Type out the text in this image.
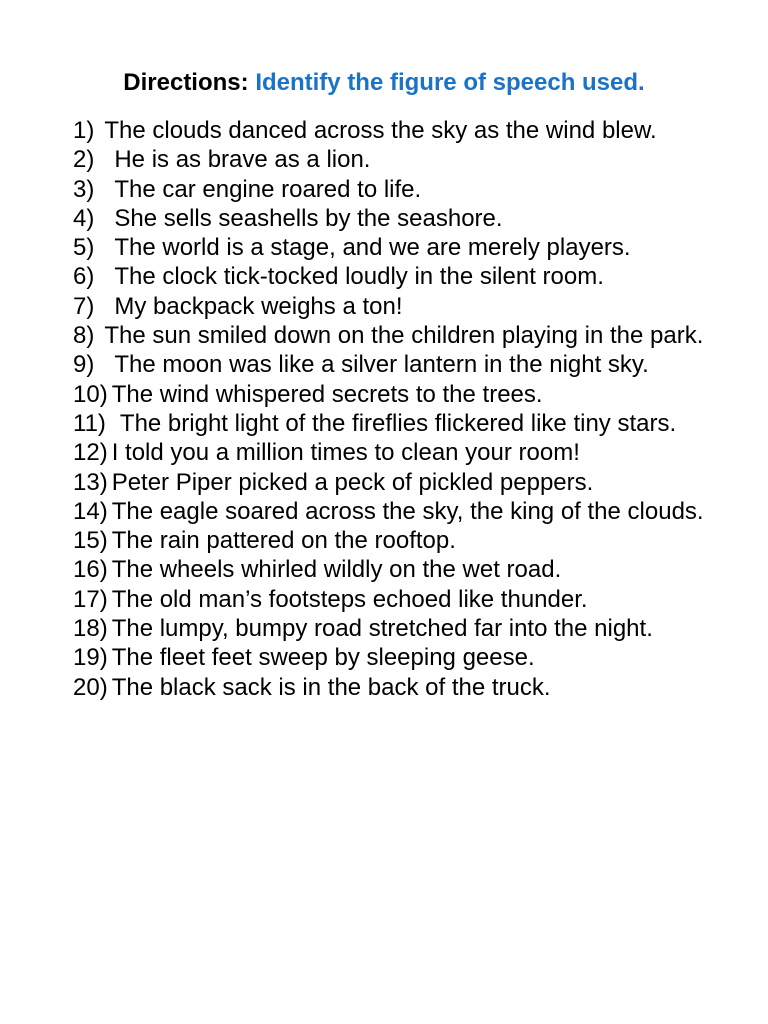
Directions: Identify the figure of speech used.
1) The clouds danced across the sky as the wind blew.
2) He is as brave as a lion.
3) The car engine roared to life.
4) She sells seashells by the seashore.
5) The world is a stage, and we are merely players.
6) The clock tick-tocked loudly in the silent room.
7) My backpack weighs a ton!
8) The sun smiled down on the children playing in the park.
9) The moon was like a silver lantern in the night sky.
10) The wind whispered secrets to the trees.
11) The bright light of the fireflies flickered like tiny stars.
12) I told you a million times to clean your room!
13) Peter Piper picked a peck of pickled peppers.
14) The eagle soared across the sky, the king of the clouds.
15) The rain pattered on the rooftop.
16) The wheels whirled wildly on the wet road.
17) The old man’s footsteps echoed like thunder.
18) The lumpy, bumpy road stretched far into the night.
19) The fleet feet sweep by sleeping geese.
20) The black sack is in the back of the truck.
